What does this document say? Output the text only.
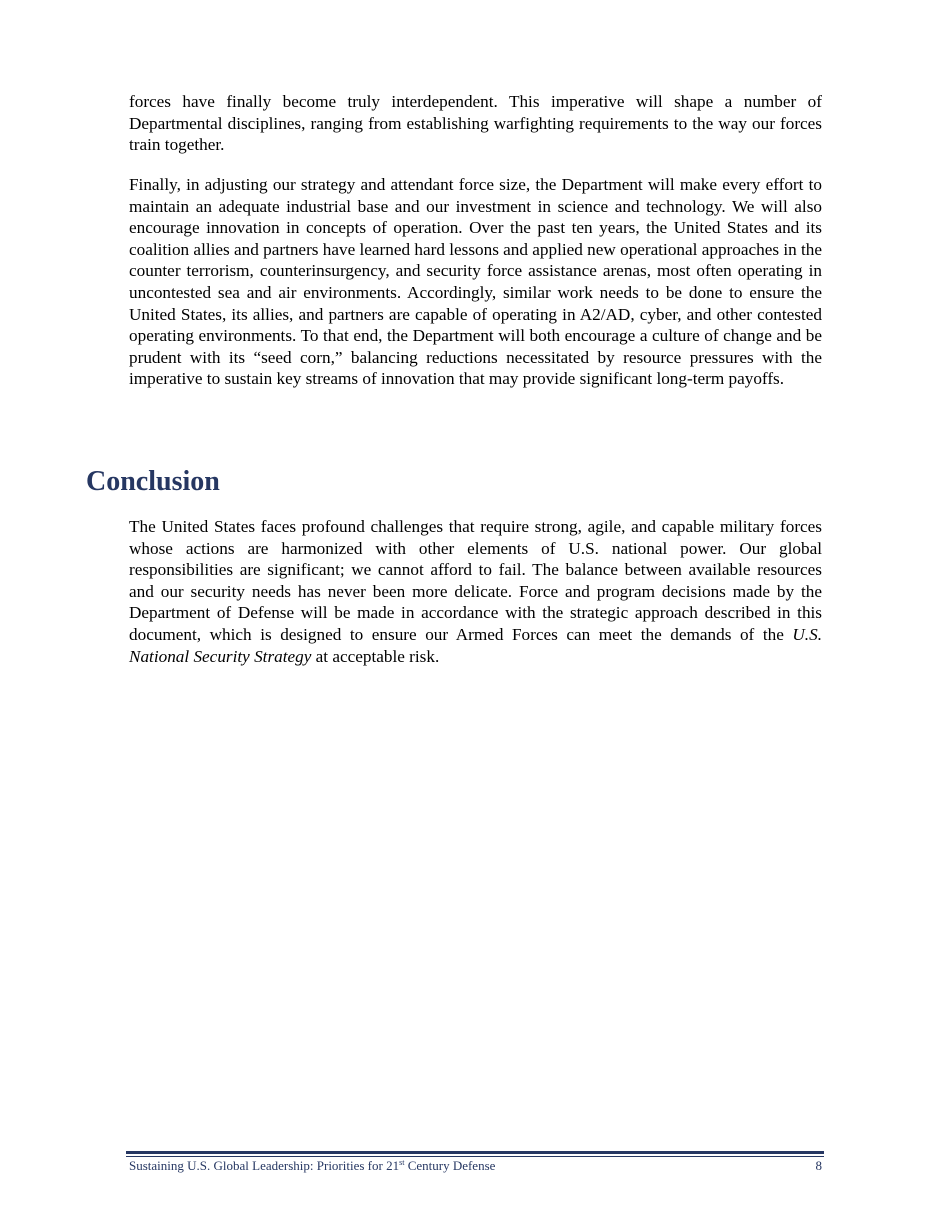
forces have finally become truly interdependent. This imperative will shape a number of Departmental disciplines, ranging from establishing warfighting requirements to the way our forces train together.

Finally, in adjusting our strategy and attendant force size, the Department will make every effort to maintain an adequate industrial base and our investment in science and technology. We will also encourage innovation in concepts of operation. Over the past ten years, the United States and its coalition allies and partners have learned hard lessons and applied new operational approaches in the counter terrorism, counterinsurgency, and security force assistance arenas, most often operating in uncontested sea and air environments. Accordingly, similar work needs to be done to ensure the United States, its allies, and partners are capable of operating in A2/AD, cyber, and other contested operating environments. To that end, the Department will both encourage a culture of change and be prudent with its “seed corn,” balancing reductions necessitated by resource pressures with the imperative to sustain key streams of innovation that may provide significant long-term payoffs.

Conclusion

The United States faces profound challenges that require strong, agile, and capable military forces whose actions are harmonized with other elements of U.S. national power. Our global responsibilities are significant; we cannot afford to fail. The balance between available resources and our security needs has never been more delicate. Force and program decisions made by the Department of Defense will be made in accordance with the strategic approach described in this document, which is designed to ensure our Armed Forces can meet the demands of the U.S. National Security Strategy at acceptable risk.

Sustaining U.S. Global Leadership: Priorities for 21st Century Defense	8
